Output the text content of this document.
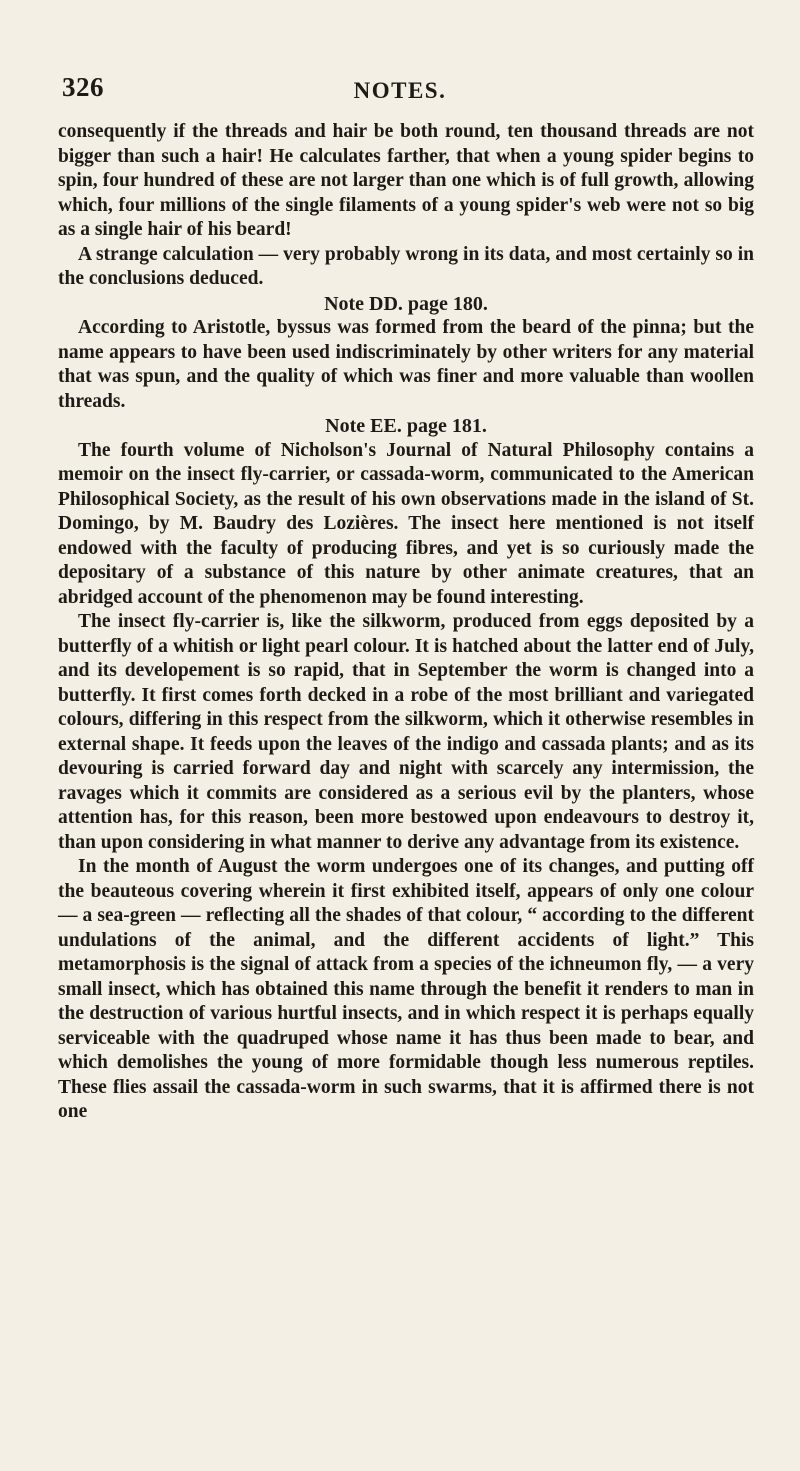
326	NOTES.

consequently if the threads and hair be both round, ten thousand threads are not bigger than such a hair! He calculates farther, that when a young spider begins to spin, four hundred of these are not larger than one which is of full growth, allowing which, four millions of the single filaments of a young spider's web were not so big as a single hair of his beard!

A strange calculation — very probably wrong in its data, and most certainly so in the conclusions deduced.

Note DD. page 180.

According to Aristotle, byssus was formed from the beard of the pinna; but the name appears to have been used indiscriminately by other writers for any material that was spun, and the quality of which was finer and more valuable than woollen threads.

Note EE. page 181.

The fourth volume of Nicholson's Journal of Natural Philosophy contains a memoir on the insect fly-carrier, or cassada-worm, communicated to the American Philosophical Society, as the result of his own observations made in the island of St. Domingo, by M. Baudry des Lozières. The insect here mentioned is not itself endowed with the faculty of producing fibres, and yet is so curiously made the depositary of a substance of this nature by other animate creatures, that an abridged account of the phenomenon may be found interesting.

The insect fly-carrier is, like the silkworm, produced from eggs deposited by a butterfly of a whitish or light pearl colour. It is hatched about the latter end of July, and its developement is so rapid, that in September the worm is changed into a butterfly. It first comes forth decked in a robe of the most brilliant and variegated colours, differing in this respect from the silkworm, which it otherwise resembles in external shape. It feeds upon the leaves of the indigo and cassada plants; and as its devouring is carried forward day and night with scarcely any intermission, the ravages which it commits are considered as a serious evil by the planters, whose attention has, for this reason, been more bestowed upon endeavours to destroy it, than upon considering in what manner to derive any advantage from its existence.

In the month of August the worm undergoes one of its changes, and putting off the beauteous covering wherein it first exhibited itself, appears of only one colour — a sea-green — reflecting all the shades of that colour, “ according to the different undulations of the animal, and the different accidents of light.” This metamorphosis is the signal of attack from a species of the ichneumon fly, — a very small insect, which has obtained this name through the benefit it renders to man in the destruction of various hurtful insects, and in which respect it is perhaps equally serviceable with the quadruped whose name it has thus been made to bear, and which demolishes the young of more formidable though less numerous reptiles. These flies assail the cassada-worm in such swarms, that it is affirmed there is not one
